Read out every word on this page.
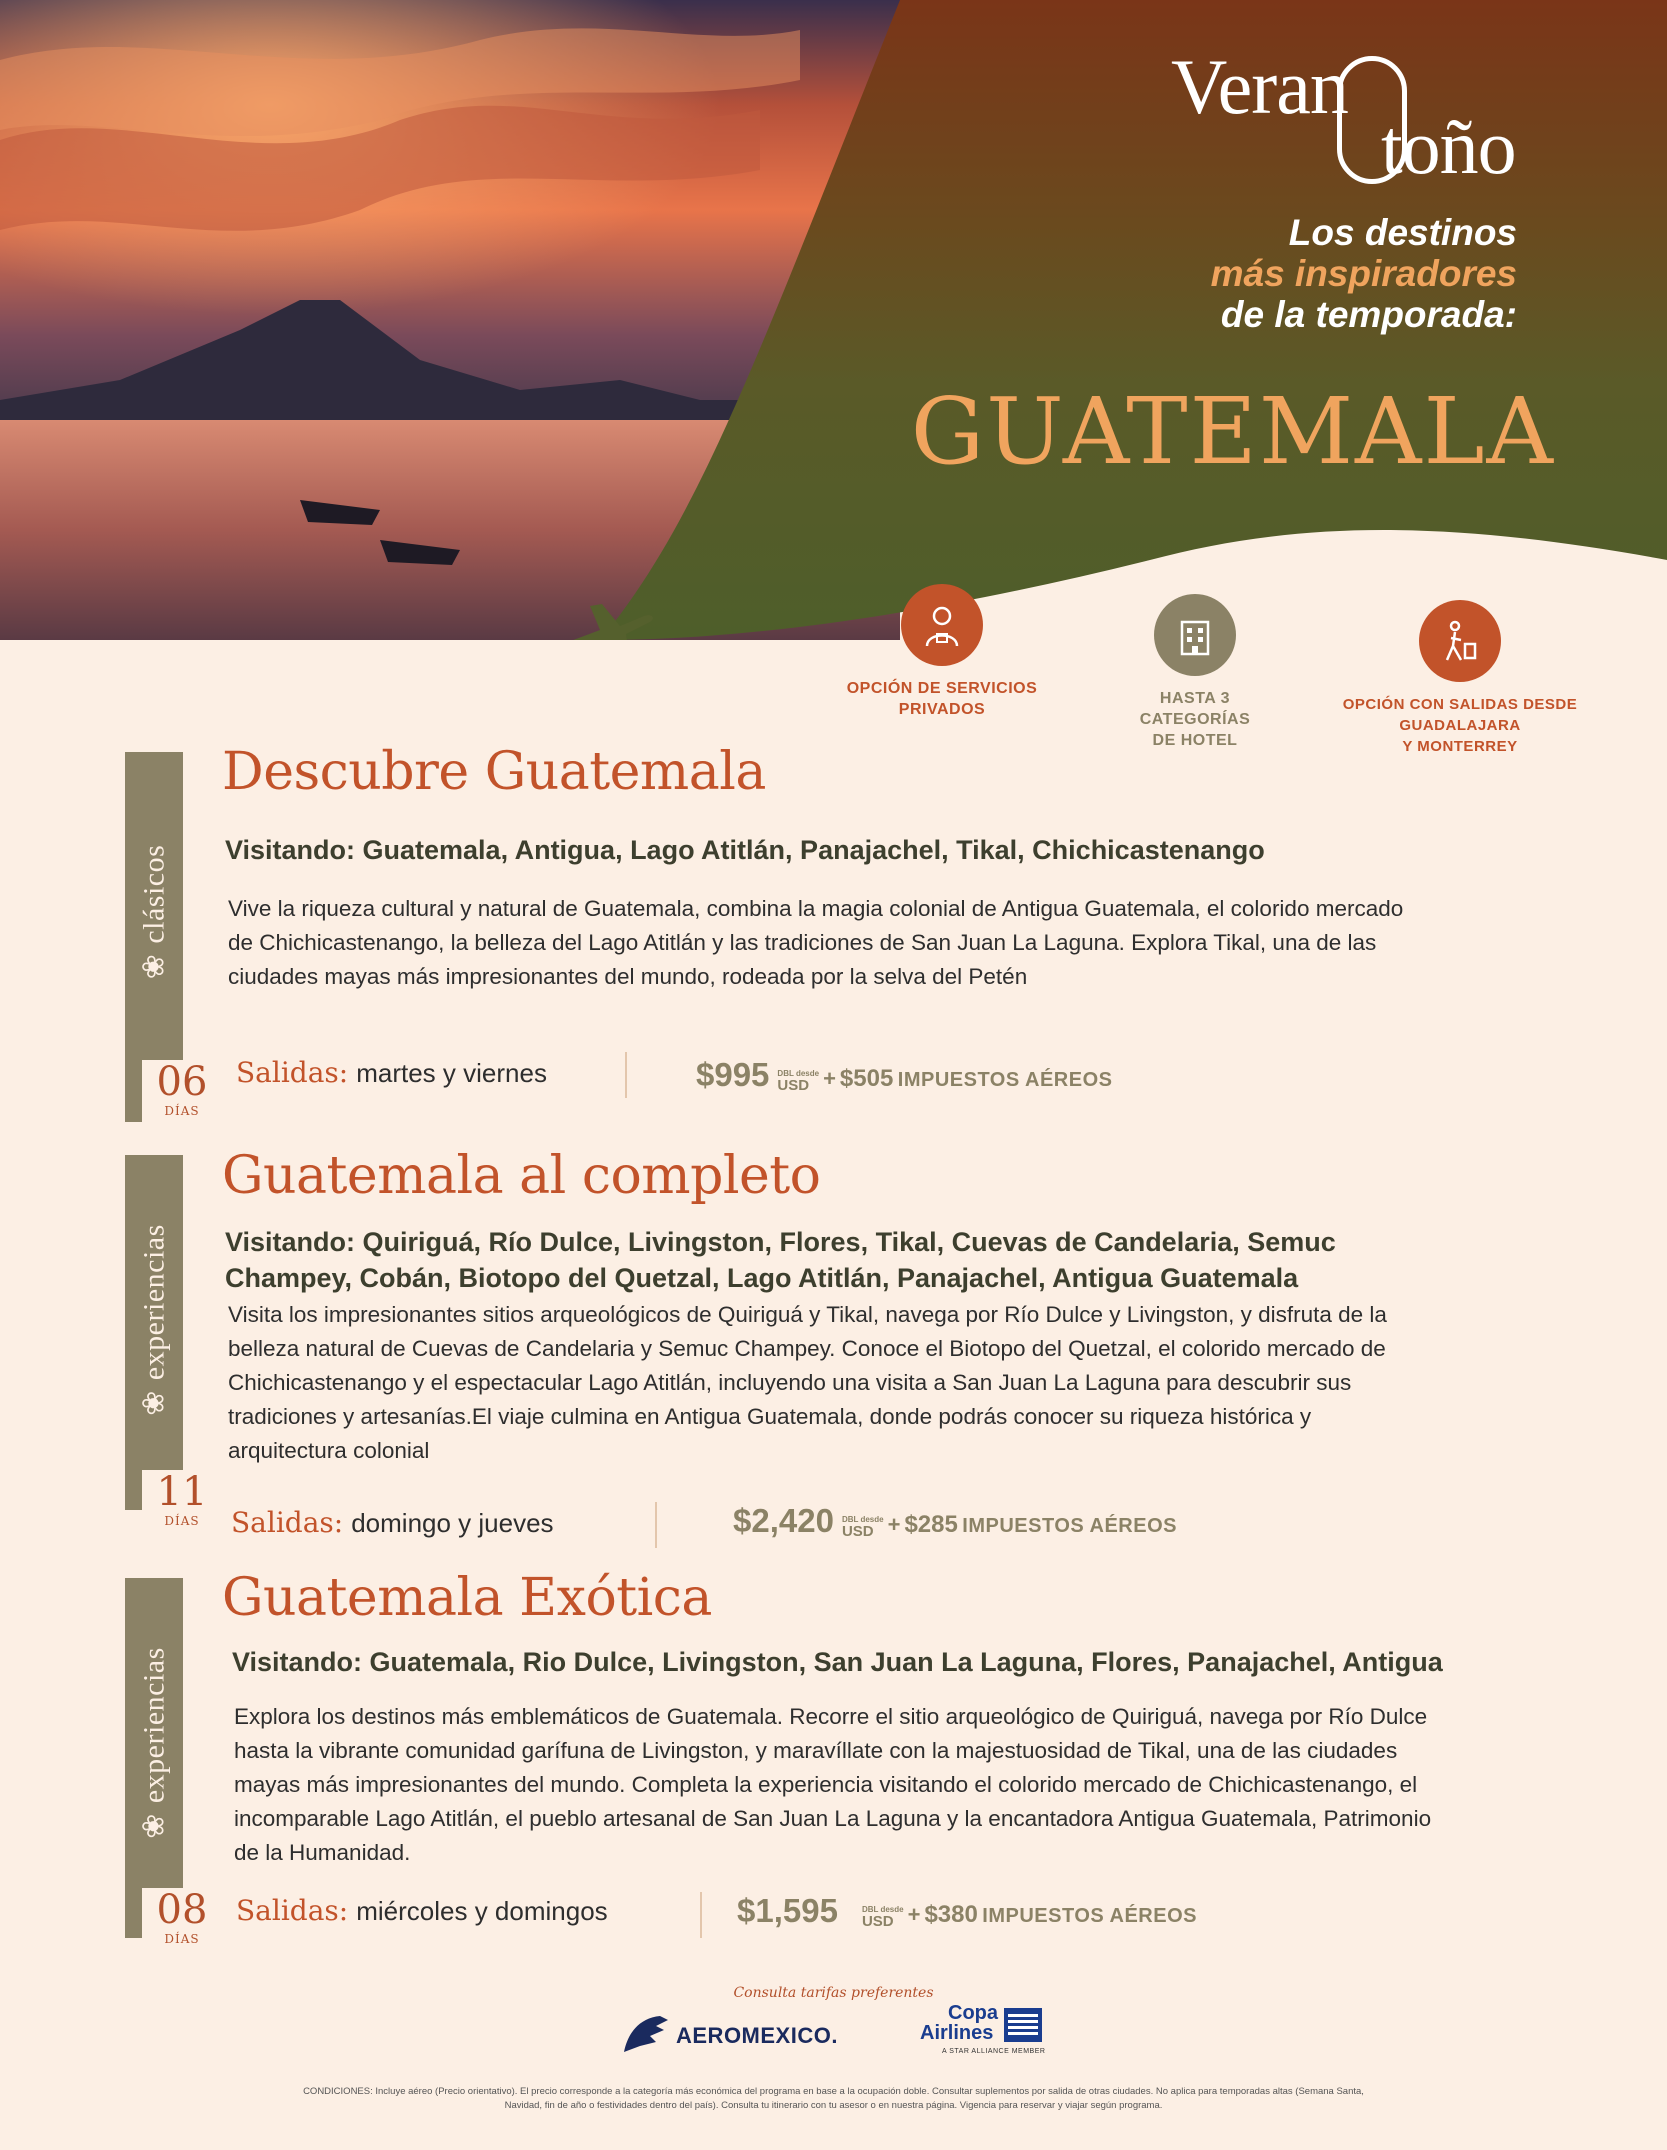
Veran
toño
Los destinos
más inspiradores
de la temporada:
GUATEMALA
OPCIÓN DE SERVICIOS
PRIVADOS
HASTA 3
CATEGORÍAS
DE HOTEL
OPCIÓN CON SALIDAS DESDE
GUADALAJARA
Y MONTERREY
❀clásicos
06
DÍAS
Descubre Guatemala
Visitando: Guatemala, Antigua, Lago Atitlán, Panajachel, Tikal, Chichicastenango
Vive la riqueza cultural y natural de Guatemala, combina la magia colonial de Antigua Guatemala, el colorido mercado de Chichicastenango, la belleza del Lago Atitlán y las tradiciones de San Juan La Laguna. Explora Tikal, una de las ciudades mayas más impresionantes del mundo, rodeada por la selva del Petén
Salidas: martes y viernes	$995 DBL desde
USD + $505 IMPUESTOS AÉREOS
❀experiencias
11
DÍAS
Guatemala al completo
Visitando: Quiriguá, Río Dulce, Livingston, Flores, Tikal, Cuevas de Candelaria, Semuc Champey, Cobán, Biotopo del Quetzal, Lago Atitlán, Panajachel, Antigua Guatemala
Visita los impresionantes sitios arqueológicos de Quiriguá y Tikal, navega por Río Dulce y Livingston, y disfruta de la belleza natural de Cuevas de Candelaria y Semuc Champey. Conoce el Biotopo del Quetzal, el colorido mercado de Chichicastenango y el espectacular Lago Atitlán, incluyendo una visita a San Juan La Laguna para descubrir sus tradiciones y artesanías.El viaje culmina en Antigua Guatemala, donde podrás conocer su riqueza histórica y arquitectura colonial
Salidas: domingo y jueves	$2,420 DBL desde
USD + $285 IMPUESTOS AÉREOS
❀experiencias
08
DÍAS
Guatemala Exótica
Visitando: Guatemala, Rio Dulce, Livingston, San Juan La Laguna, Flores, Panajachel, Antigua
Explora los destinos más emblemáticos de Guatemala. Recorre el sitio arqueológico de Quiriguá, navega por Río Dulce hasta la vibrante comunidad garífuna de Livingston, y maravíllate con la majestuosidad de Tikal, una de las ciudades mayas más impresionantes del mundo. Completa la experiencia visitando el colorido mercado de Chichicastenango, el incomparable Lago Atitlán, el pueblo artesanal de San Juan La Laguna y la encantadora Antigua Guatemala, Patrimonio de la Humanidad.
Salidas: miércoles y domingos	$1,595	DBL desde
USD + $380 IMPUESTOS AÉREOS
Consulta tarifas preferentes
AEROMEXICO.
Copa
Airlines
A STAR ALLIANCE MEMBER
CONDICIONES: Incluye aéreo (Precio orientativo). El precio corresponde a la categoría más económica del programa en base a la ocupación doble. Consultar suplementos por salida de otras ciudades. No aplica para temporadas altas (Semana Santa, Navidad, fin de año o festividades dentro del país). Consulta tu itinerario con tu asesor o en nuestra página. Vigencia para reservar y viajar según programa.
